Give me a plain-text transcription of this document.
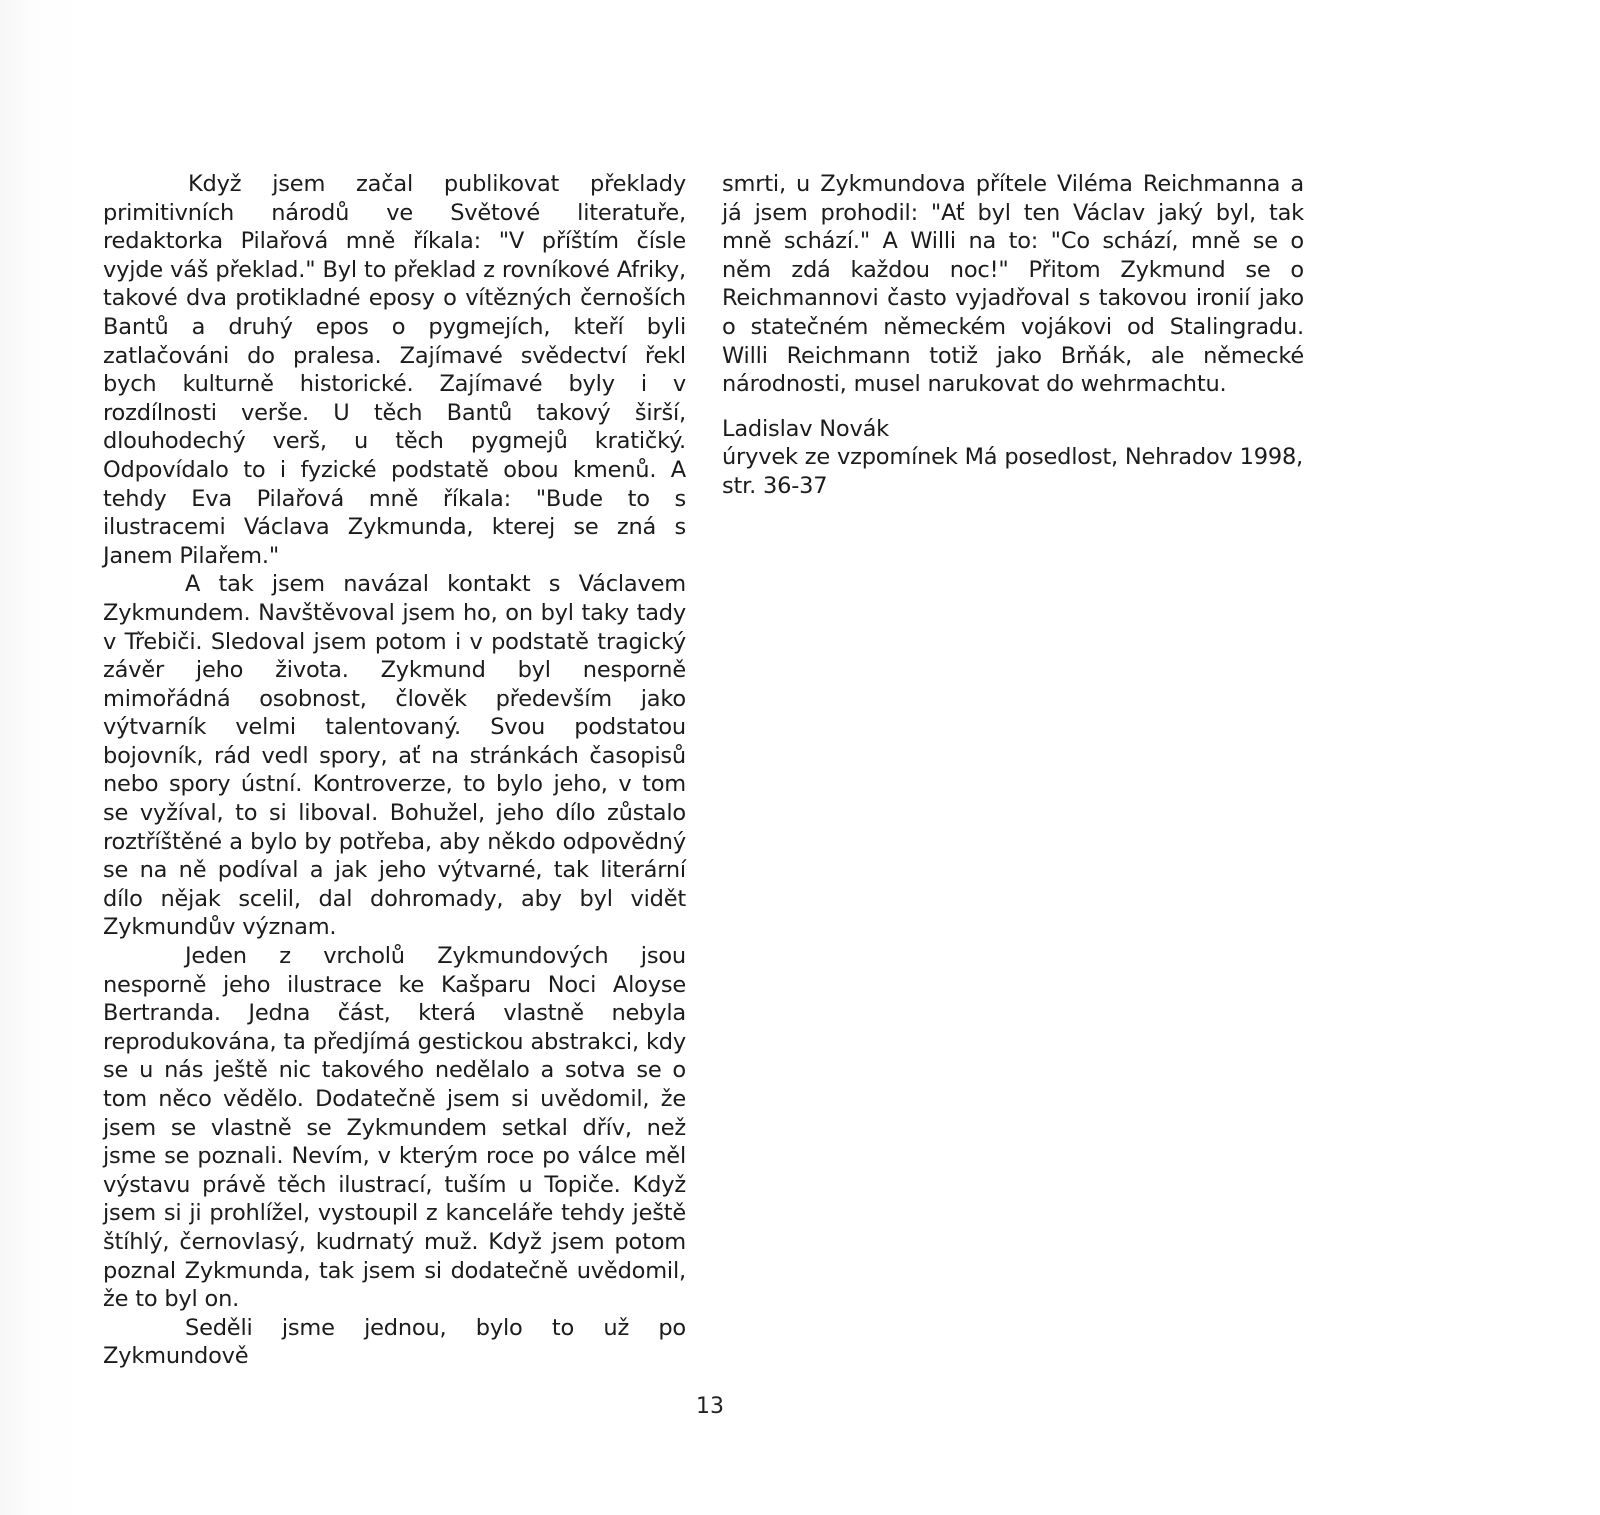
Když jsem začal publikovat překlady primitivních národů ve Světové literatuře, redaktorka Pilařová mně říkala: "V příštím čísle vyjde váš překlad." Byl to překlad z rovníkové Afriky, takové dva protikladné eposy o vítězných černoších Bantů a druhý epos o pygmejích, kteří byli zatlačováni do pralesa. Zajímavé svědectví řekl bych kulturně historické. Zajímavé byly i v rozdílnosti verše. U těch Bantů takový širší, dlouhodechý verš, u těch pygmejů kratičký. Odpovídalo to i fyzické podstatě obou kmenů. A tehdy Eva Pilařová mně říkala: "Bude to s ilustracemi Václava Zykmunda, kterej se zná s Janem Pilařem."

A tak jsem navázal kontakt s Václavem Zykmundem. Navštěvoval jsem ho, on byl taky tady v Třebiči. Sledoval jsem potom i v podstatě tragický závěr jeho života. Zykmund byl nesporně mimořádná osobnost, člověk především jako výtvarník velmi talentovaný. Svou podstatou bojovník, rád vedl spory, ať na stránkách časopisů nebo spory ústní. Kontroverze, to bylo jeho, v tom se vyžíval, to si libovaI. Bohužel, jeho dílo zůstalo roztříštěné a bylo by potřeba, aby někdo odpovědný se na ně podíval a jak jeho výtvarné, tak literární dílo nějak scelil, dal dohromady, aby byl vidět Zykmundův význam.

Jeden z vrcholů Zykmundových jsou nesporně jeho ilustrace ke Kašparu Noci Aloyse Bertranda. Jedna část, která vlastně nebyla reprodukována, ta předjímá gestickou abstrakci, kdy se u nás ještě nic takového nedělalo a sotva se o tom něco vědělo. Dodatečně jsem si uvědomil, že jsem se vlastně se Zykmundem setkal dřív, než jsme se poznali. Nevím, v kterým roce po válce měl výstavu právě těch ilustrací, tuším u Topiče. Když jsem si ji prohlížel, vystoupil z kanceláře tehdy ještě štíhlý, černovlasý, kudrnatý muž. Když jsem potom poznal Zykmunda, tak jsem si dodatečně uvědomil, že to byl on.

Seděli jsme jednou, bylo to už po Zykmundově

smrti, u Zykmundova přítele Viléma Reichmanna a já jsem prohodil: "Ať byl ten Václav jaký byl, tak mně schází." A Willi na to: "Co schází, mně se o něm zdá každou noc!" Přitom Zykmund se o Reichmannovi často vyjadřoval s takovou ironií jako o statečném německém vojákovi od Stalingradu. Willi Reichmann totiž jako Brňák, ale německé národnosti, musel narukovat do wehrmachtu.

Ladislav Novák
úryvek ze vzpomínek Má posedlost, Nehradov 1998,
str. 36-37
13
